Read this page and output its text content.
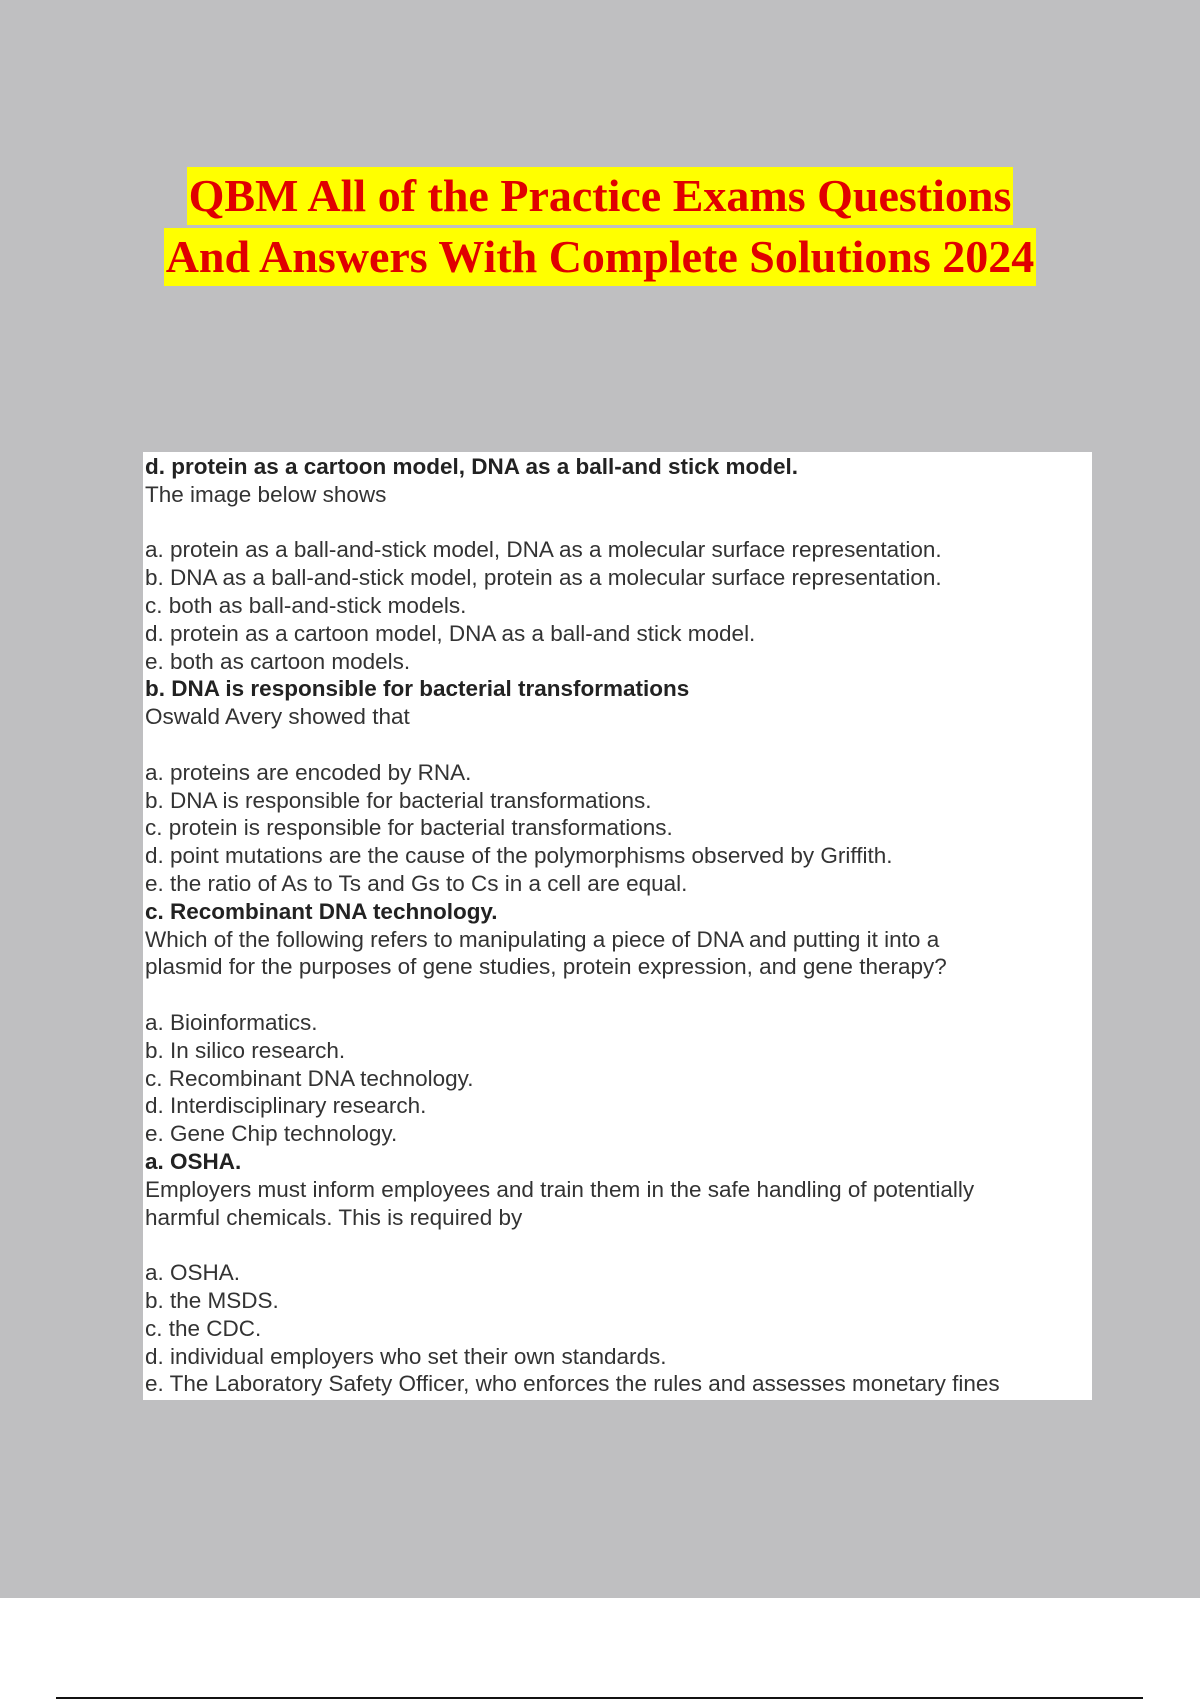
QBM All of the Practice Exams Questions
And Answers With Complete Solutions 2024
d. protein as a cartoon model, DNA as a ball-and stick model.
The image below shows
a. protein as a ball-and-stick model, DNA as a molecular surface representation.
b. DNA as a ball-and-stick model, protein as a molecular surface representation.
c. both as ball-and-stick models.
d. protein as a cartoon model, DNA as a ball-and stick model.
e. both as cartoon models.
b. DNA is responsible for bacterial transformations
Oswald Avery showed that
a. proteins are encoded by RNA.
b. DNA is responsible for bacterial transformations.
c. protein is responsible for bacterial transformations.
d. point mutations are the cause of the polymorphisms observed by Griffith.
e. the ratio of As to Ts and Gs to Cs in a cell are equal.
c. Recombinant DNA technology.
Which of the following refers to manipulating a piece of DNA and putting it into a
plasmid for the purposes of gene studies, protein expression, and gene therapy?
a. Bioinformatics.
b. In silico research.
c. Recombinant DNA technology.
d. Interdisciplinary research.
e. Gene Chip technology.
a. OSHA.
Employers must inform employees and train them in the safe handling of potentially
harmful chemicals. This is required by
a. OSHA.
b. the MSDS.
c. the CDC.
d. individual employers who set their own standards.
e. The Laboratory Safety Officer, who enforces the rules and assesses monetary fines
